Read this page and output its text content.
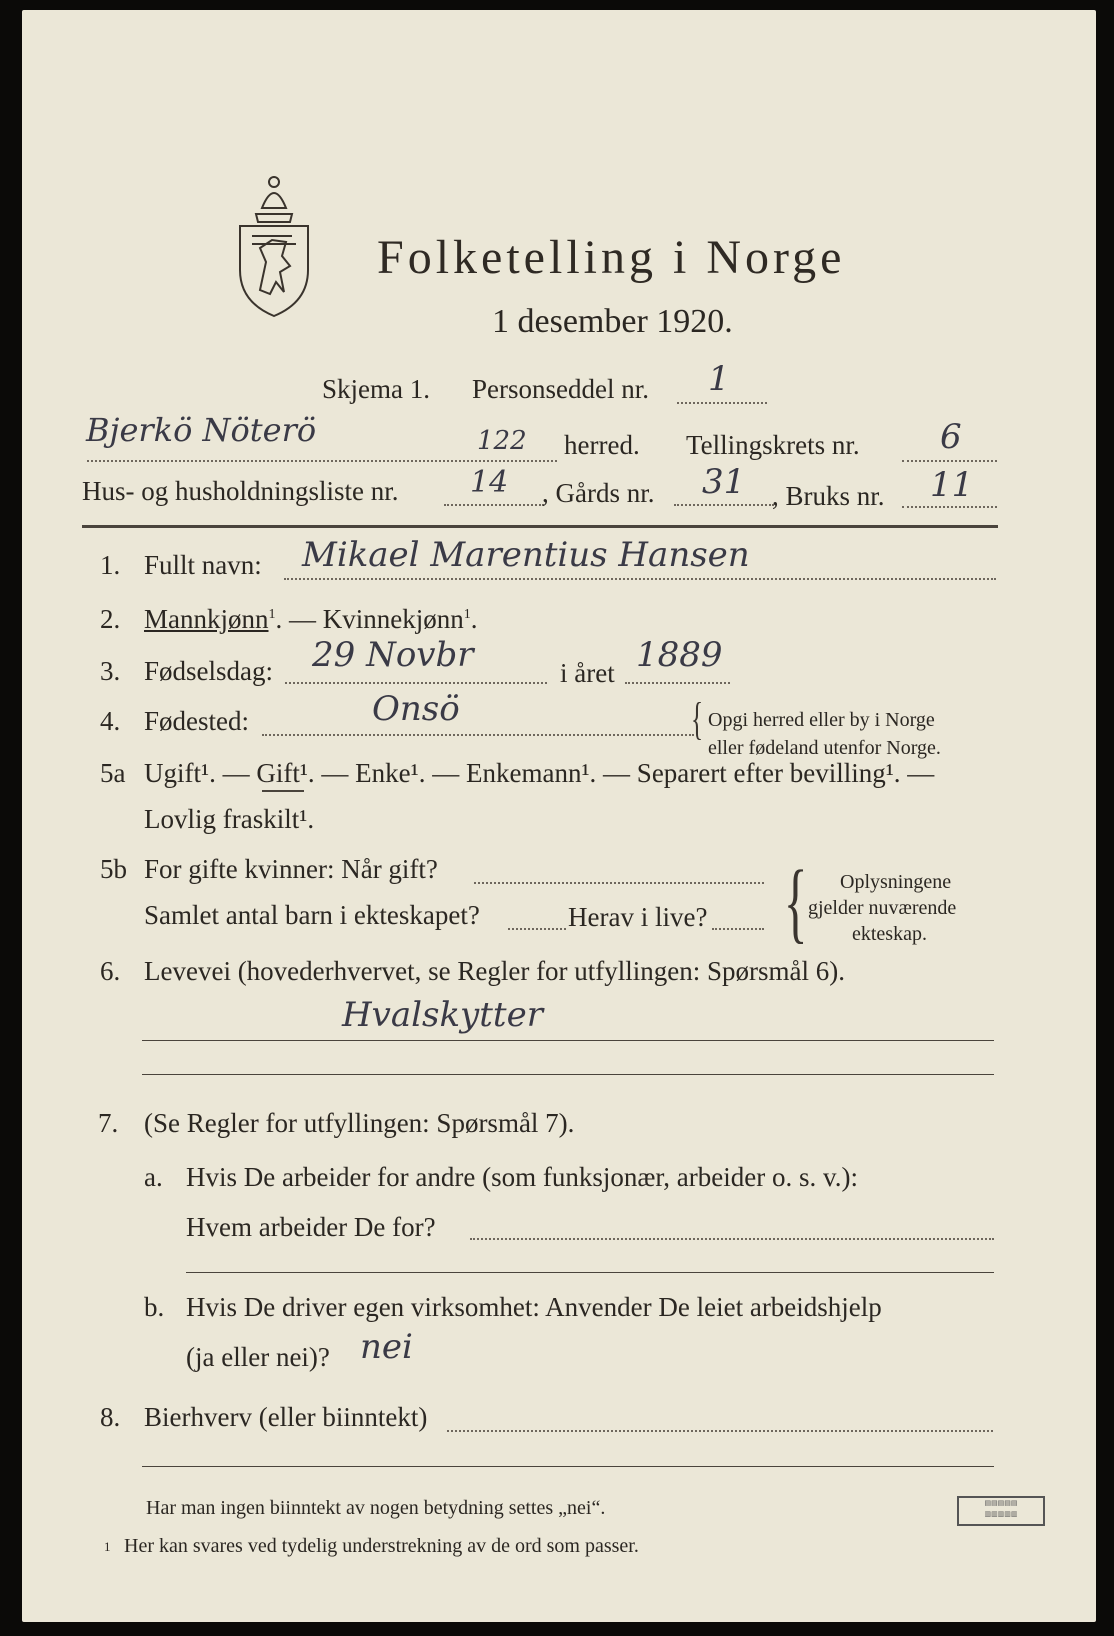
Folketelling i Norge
1 desember 1920.
Skjema 1. Personseddel nr. 1
Bjerkö Nöterö	122 herred. Tellingskrets nr. 6
Hus- og husholdningsliste nr. 14 , Gårds nr. 31 , Bruks nr. 11
1. Fullt navn: Mikael Marentius Hansen
2. Mannkjønn$^1$. — Kvinnekjønn$^1$.
3. Fødselsdag: 29 Novbr	i året 1889
4. Fødested:	Onsö	{ Opgi herred eller by i Norge
eller fødeland utenfor Norge.
5a Ugift¹. — Gift¹. — Enke¹. — Enkemann¹. — Separert efter bevilling¹. —
Lovlig fraskilt¹.
5b For gifte kvinner: Når gift?
Samlet antal barn i ekteskapet?	Herav i live? { Oplysningene
gjelder nuværende
ekteskap.
6. Levevei (hovederhvervet, se Regler for utfyllingen: Spørsmål 6).
Hvalskytter
7. (Se Regler for utfyllingen: Spørsmål 7).
a. Hvis De arbeider for andre (som funksjonær, arbeider o. s. v.):
Hvem arbeider De for?
b. Hvis De driver egen virksomhet: Anvender De leiet arbeidshjelp
(ja eller nei)? nei
8. Bierhverv (eller biinntekt)
Har man ingen biinntekt av nogen betydning settes „nei“.
1 Her kan svares ved tydelig understrekning av de ord som passer.
▤▤▤▤▤
▥▥▥▥▥
